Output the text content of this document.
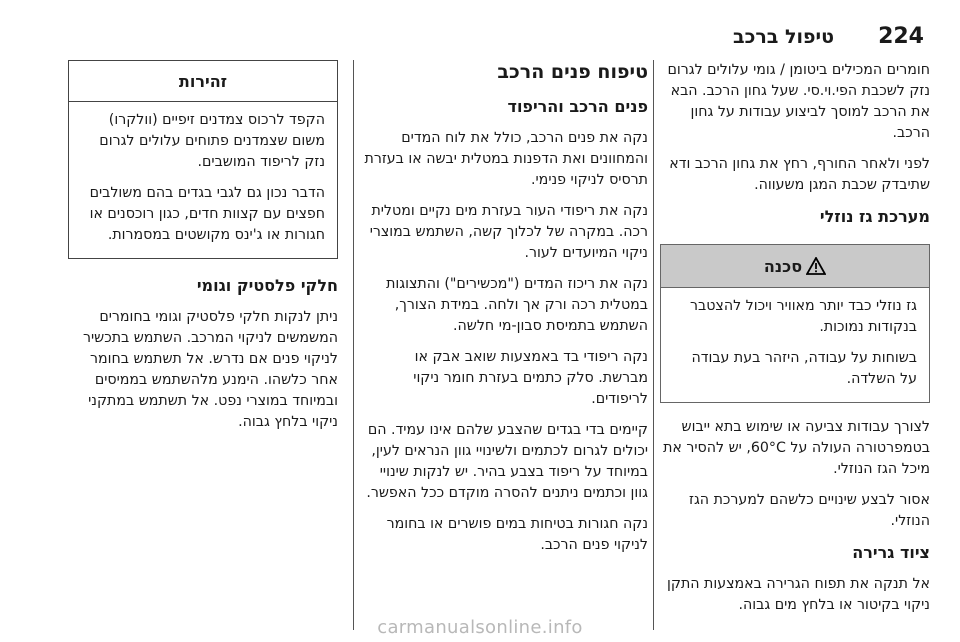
טיפול ברכב 224

חומרים המכילים ביטומן / גומי עלולים לגרום נזק לשכבת הפי.וי.סי. שעל גחון הרכב. הבא את הרכב למוסך לביצוע עבודות על גחון הרכב.

לפני ולאחר החורף, רחץ את גחון הרכב ודא שתיבדק שכבת המגן משעווה.

מערכת גז נוזלי
סכנה

גז נוזלי כבד יותר מאוויר ויכול להצטבר בנקודות נמוכות.

בשוחות על עבודה, היזהר בעת עבודה על השלדה.

לצורך עבודות צביעה או שימוש בתא ייבוש בטמפרטורה העולה על 60°C, יש להסיר את מיכל הגז הנוזלי.

אסור לבצע שינויים כלשהם למערכת הגז הנוזלי.

ציוד גרירה

אל תנקה את תפוח הגרירה באמצעות התקן ניקוי בקיטור או בלחץ מים גבוה.

טיפוח פנים הרכב
פנים הרכב והריפוד

נקה את פנים הרכב, כולל את לוח המדים והמחוונים ואת הדפנות במטלית יבשה או בעזרת תרסיס לניקוי פנימי.

נקה את ריפודי העור בעזרת מים נקיים ומטלית רכה. במקרה של לכלוך קשה, השתמש במוצרי ניקוי המיועדים לעור.

נקה את ריכוז המדים ("מכשירים") והתצוגות במטלית רכה ורק אך ולחה. במידת הצורך, השתמש בתמיסת סבון-מי חלשה.

נקה ריפודי בד באמצעות שואב אבק או מברשת. סלק כתמים בעזרת חומר ניקוי לריפודים.

קיימים בדי בגדים שהצבע שלהם אינו עמיד. הם יכולים לגרום לכתמים ולשינויי גוון הנראים לעין, במיוחד על ריפוד בצבע בהיר. יש לנקות שינויי גוון וכתמים ניתנים להסרה מוקדם ככל האפשר.

נקה חגורות בטיחות במים פושרים או בחומר לניקוי פנים הרכב.

זהירות

הקפד לרכוס צמדנים זיפיים (וולקרו) משום שצמדנים פתוחים עלולים לגרום נזק לריפוד המושבים.

הדבר נכון גם לגבי בגדים בהם משולבים חפצים עם קצוות חדים, כגון רוכסנים או חגורות או ג'ינס מקושטים במסמרות.

חלקי פלסטיק וגומי

ניתן לנקות חלקי פלסטיק וגומי בחומרים המשמשים לניקוי המרכב. השתמש בתכשיר לניקוי פנים אם נדרש. אל תשתמש בחומר אחר כלשהו. הימנע מלהשתמש בממיסים ובמיוחד במוצרי נפט. אל תשתמש במתקני ניקוי בלחץ גבוה.

carmanualsonline.info
